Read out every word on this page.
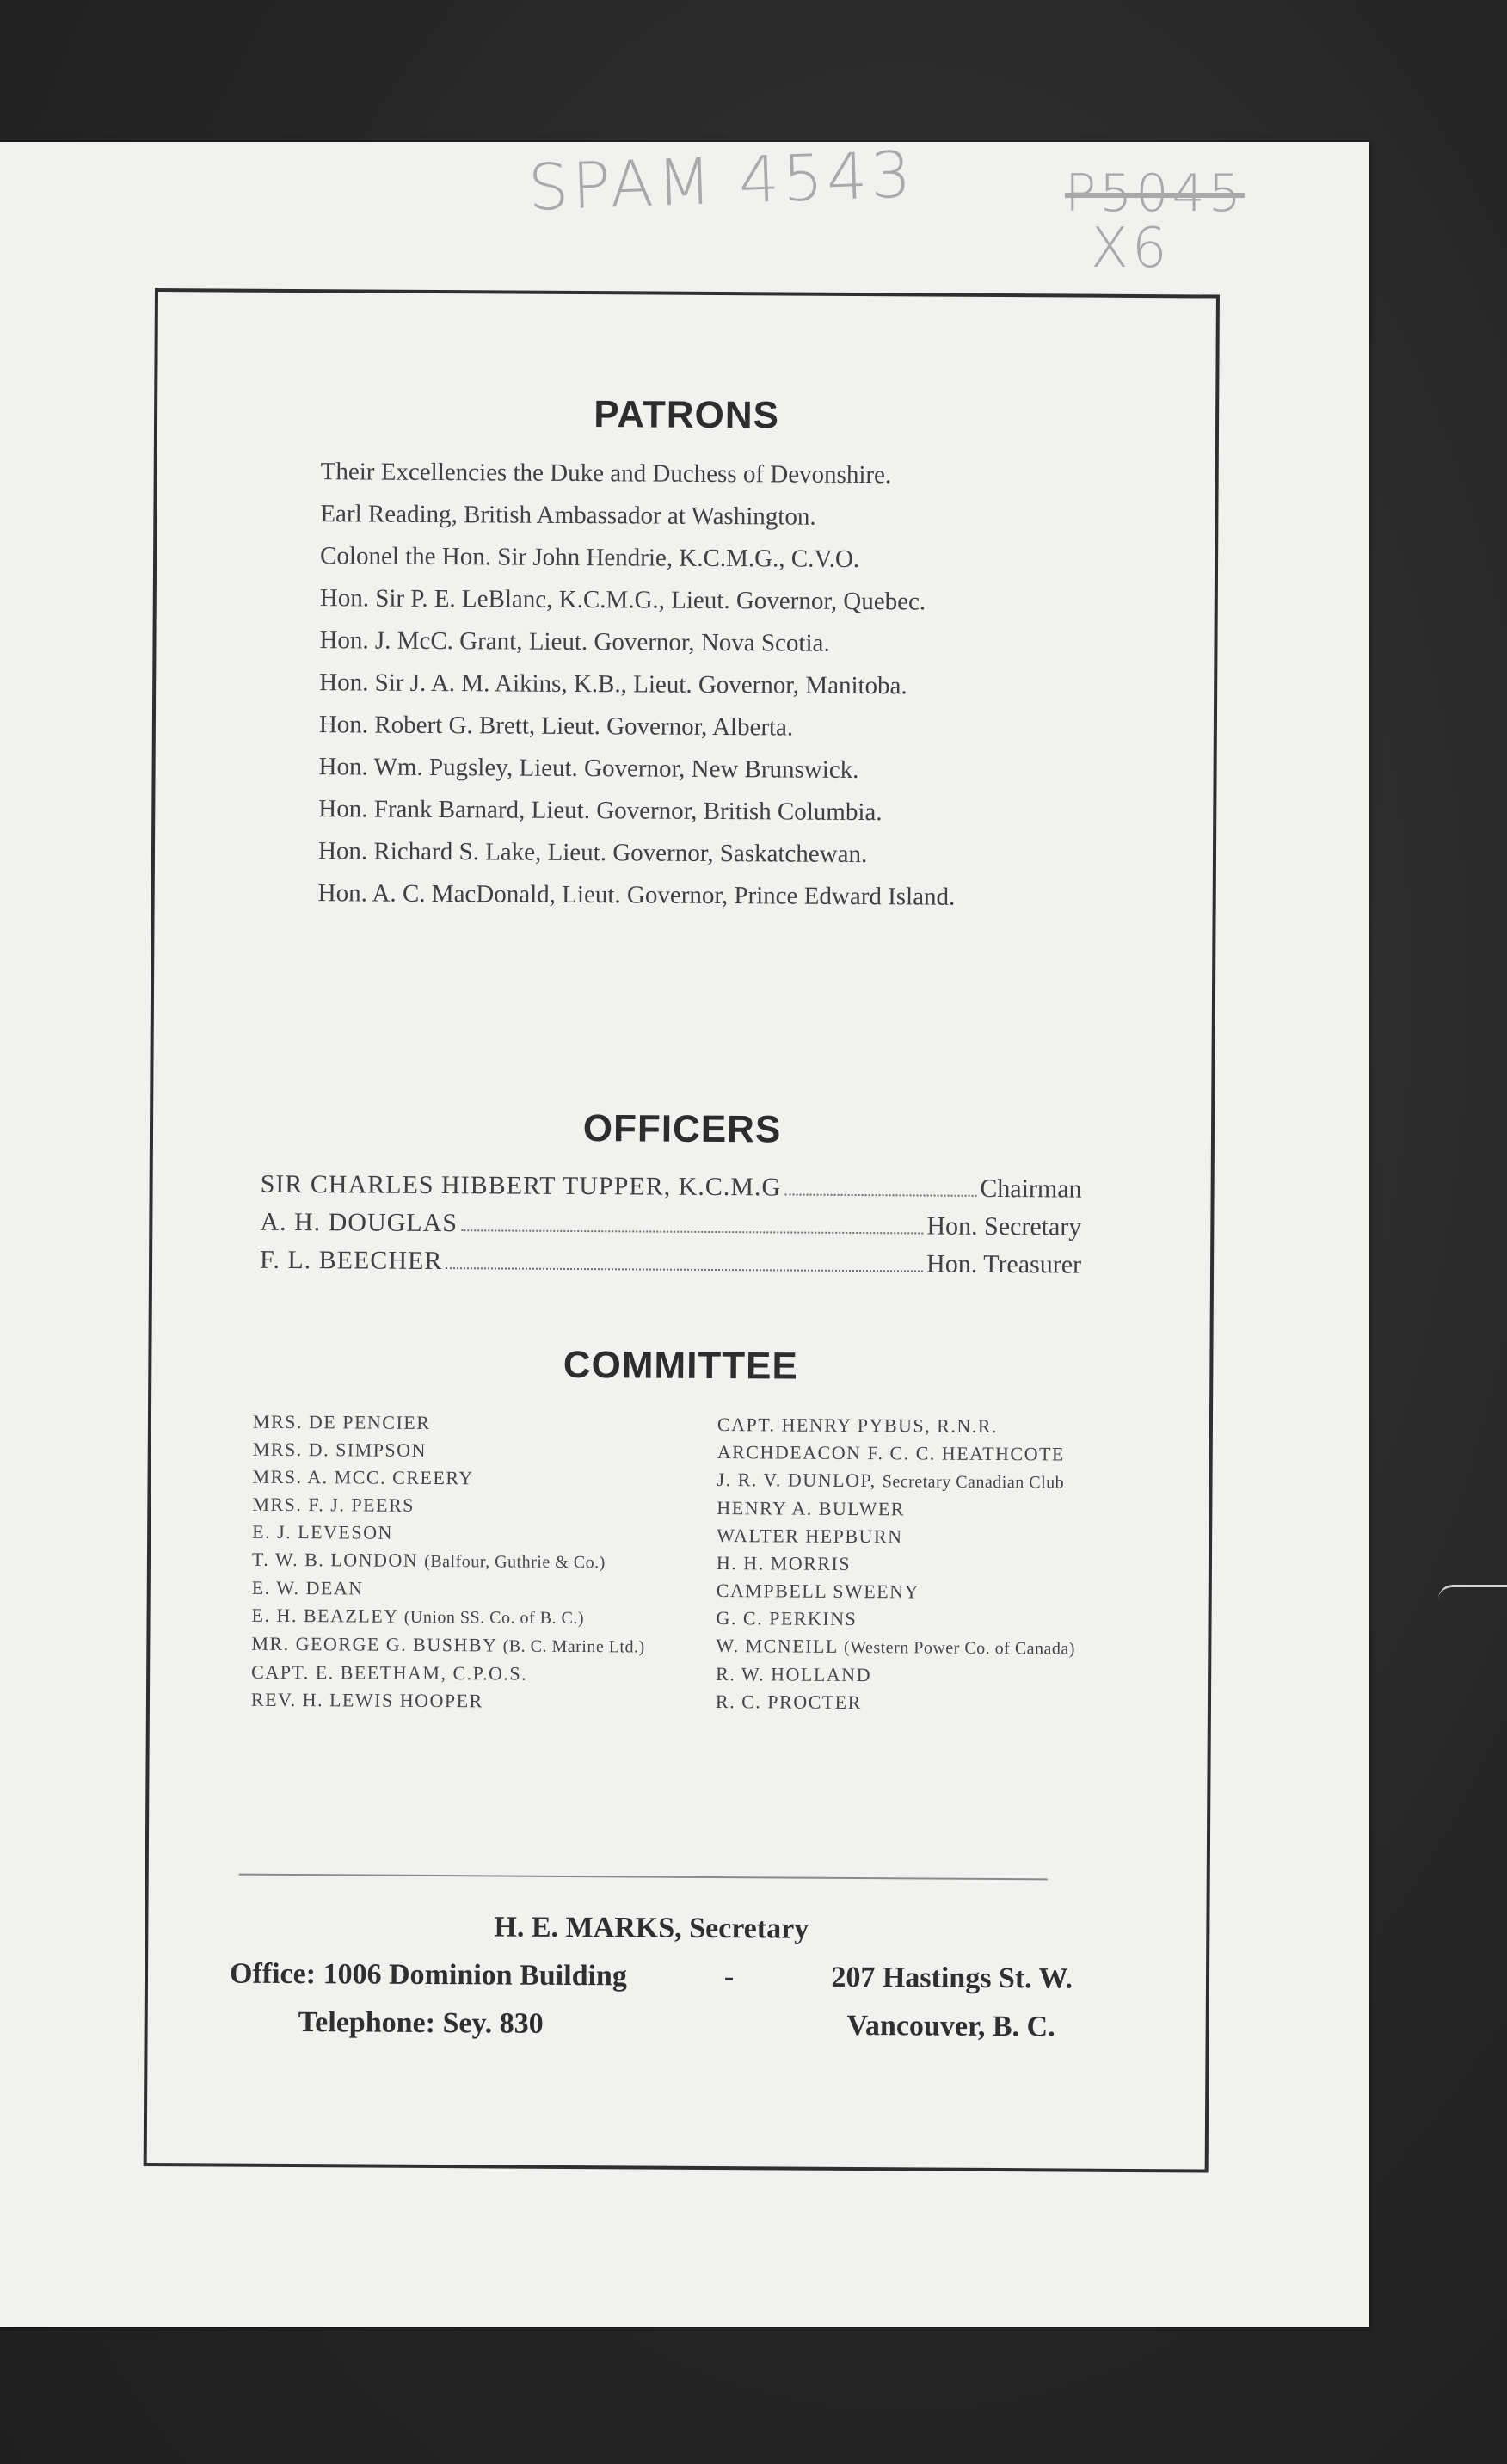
SPAM 4543	P5045
X6
PATRONS
Their Excellencies the Duke and Duchess of Devonshire.
Earl Reading, British Ambassador at Washington.
Colonel the Hon. Sir John Hendrie, K.C.M.G., C.V.O.
Hon. Sir P. E. LeBlanc, K.C.M.G., Lieut. Governor, Quebec.
Hon. J. McC. Grant, Lieut. Governor, Nova Scotia.
Hon. Sir J. A. M. Aikins, K.B., Lieut. Governor, Manitoba.
Hon. Robert G. Brett, Lieut. Governor, Alberta.
Hon. Wm. Pugsley, Lieut. Governor, New Brunswick.
Hon. Frank Barnard, Lieut. Governor, British Columbia.
Hon. Richard S. Lake, Lieut. Governor, Saskatchewan.
Hon. A. C. MacDonald, Lieut. Governor, Prince Edward Island.
OFFICERS
SIR CHARLES HIBBERT TUPPER, K.C.M.G	Chairman
A. H. DOUGLAS	Hon. Secretary
F. L. BEECHER	Hon. Treasurer
COMMITTEE
MRS. DE PENCIER
MRS. D. SIMPSON
MRS. A. MCC. CREERY
MRS. F. J. PEERS
E. J. LEVESON
T. W. B. LONDON (Balfour, Guthrie & Co.)
E. W. DEAN
E. H. BEAZLEY (Union SS. Co. of B. C.)
MR. GEORGE G. BUSHBY (B. C. Marine Ltd.)
CAPT. E. BEETHAM, C.P.O.S.
REV. H. LEWIS HOOPER
CAPT. HENRY PYBUS, R.N.R.
ARCHDEACON F. C. C. HEATHCOTE
J. R. V. DUNLOP, Secretary Canadian Club
HENRY A. BULWER
WALTER HEPBURN
H. H. MORRIS
CAMPBELL SWEENY
G. C. PERKINS
W. MCNEILL (Western Power Co. of Canada)
R. W. HOLLAND
R. C. PROCTER
H. E. MARKS, Secretary
Office: 1006 Dominion Building	-	207 Hastings St. W.
Telephone: Sey. 830	Vancouver, B. C.
